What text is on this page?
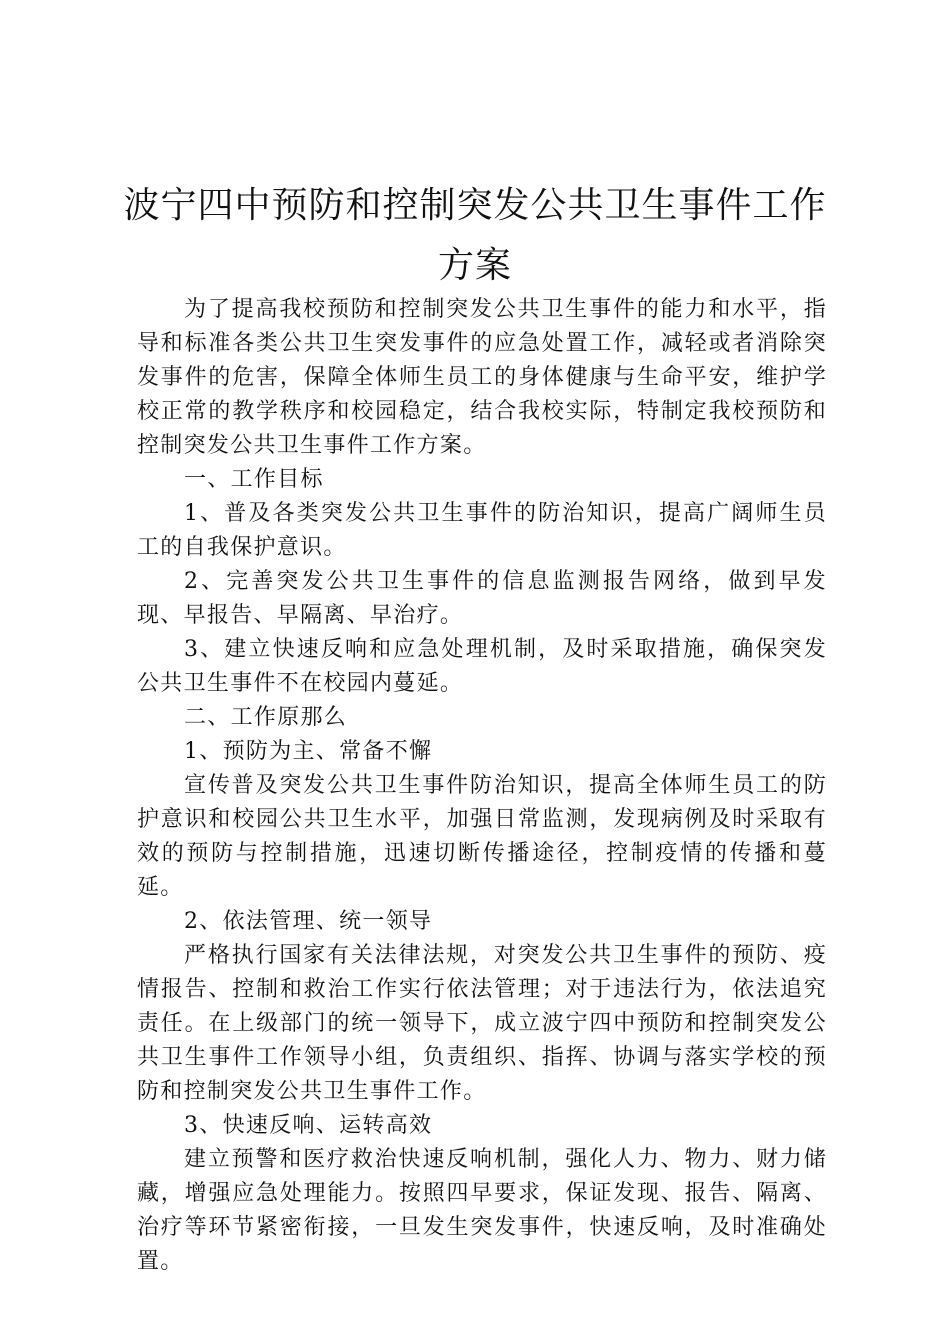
波宁四中预防和控制突发公共卫生事件工作
方案

为了提高我校预防和控制突发公共卫生事件的能力和水平，指导和标准各类公共卫生突发事件的应急处置工作，减轻或者消除突发事件的危害，保障全体师生员工的身体健康与生命平安，维护学校正常的教学秩序和校园稳定，结合我校实际，特制定我校预防和控制突发公共卫生事件工作方案。

一、工作目标

1、普及各类突发公共卫生事件的防治知识，提高广阔师生员工的自我保护意识。

2、完善突发公共卫生事件的信息监测报告网络，做到早发现、早报告、早隔离、早治疗。

3、建立快速反响和应急处理机制，及时采取措施，确保突发公共卫生事件不在校园内蔓延。

二、工作原那么

1、预防为主、常备不懈

宣传普及突发公共卫生事件防治知识，提高全体师生员工的防护意识和校园公共卫生水平，加强日常监测，发现病例及时采取有效的预防与控制措施，迅速切断传播途径，控制疫情的传播和蔓延。

2、依法管理、统一领导

严格执行国家有关法律法规，对突发公共卫生事件的预防、疫情报告、控制和救治工作实行依法管理；对于违法行为，依法追究责任。在上级部门的统一领导下，成立波宁四中预防和控制突发公共卫生事件工作领导小组，负责组织、指挥、协调与落实学校的预防和控制突发公共卫生事件工作。

3、快速反响、运转高效

建立预警和医疗救治快速反响机制，强化人力、物力、财力储藏，增强应急处理能力。按照四早要求，保证发现、报告、隔离、治疗等环节紧密衔接，一旦发生突发事件，快速反响，及时准确处置。
